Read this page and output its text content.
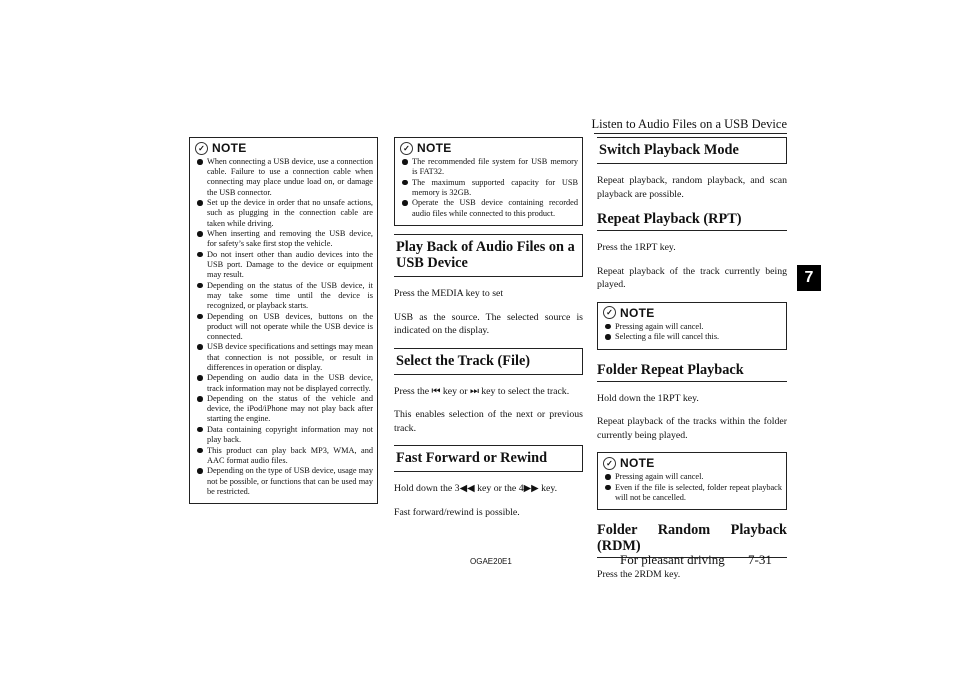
Listen to Audio Files on a USB Device
7
✓ NOTE
When connecting a USB device, use a connection cable. Failure to use a connection cable when connecting may place undue load on, or damage the USB connector.
Set up the device in order that no unsafe actions, such as plugging in the connection cable are taken while driving.
When inserting and removing the USB device, for safety’s sake first stop the vehicle.
Do not insert other than audio devices into the USB port. Damage to the device or equipment may result.
Depending on the status of the USB device, it may take some time until the device is recognized, or playback starts.
Depending on USB devices, buttons on the product will not operate while the USB device is connected.
USB device specifications and settings may mean that connection is not possible, or result in differences in operation or display.
Depending on audio data in the USB device, track information may not be displayed correctly.
Depending on the status of the vehicle and device, the iPod/iPhone may not play back after starting the engine.
Data containing copyright information may not play back.
This product can play back MP3, WMA, and AAC format audio files.
Depending on the type of USB device, usage may not be possible, or functions that can be used may be restricted.
✓ NOTE
The recommended file system for USB memory is FAT32.
The maximum supported capacity for USB memory is 32GB.
Operate the USB device containing recorded audio files while connected to this product.
Play Back of Audio Files on a USB Device

Press the MEDIA key to set

USB as the source. The selected source is indicated on the display.

Select the Track (File)

Press the ⏮ key or ⏭ key to select the track.

This enables selection of the next or previous track.

Fast Forward or Rewind

Hold down the 3◀◀ key or the 4▶▶ key.

Fast forward/rewind is possible.

Switch Playback Mode

Repeat playback, random playback, and scan playback are possible.

Repeat Playback (RPT)

Press the 1RPT key.

Repeat playback of the track currently being played.

✓ NOTE
Pressing again will cancel.
Selecting a file will cancel this.
Folder Repeat Playback

Hold down the 1RPT key.

Repeat playback of the tracks within the folder currently being played.

✓ NOTE
Pressing again will cancel.
Even if the file is selected, folder repeat playback will not be cancelled.
Folder Random Playback (RDM)

Press the 2RDM key.

OGAE20E1	For pleasant driving 7-31
